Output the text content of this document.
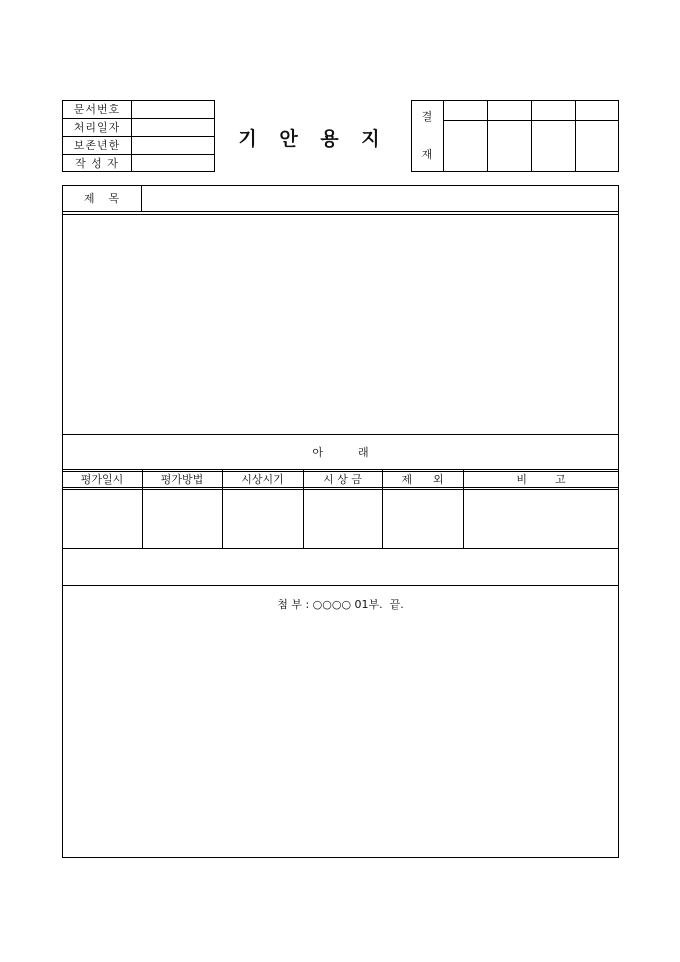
문서번호
처리일자
보존년한
작 성 자
기 안 용 지
결
재
제    목
아          래
평가일시	평가방법	시상시기	시 상 금	제      외	비        고
첨 부 : ○○○○ 01부.  끝.
